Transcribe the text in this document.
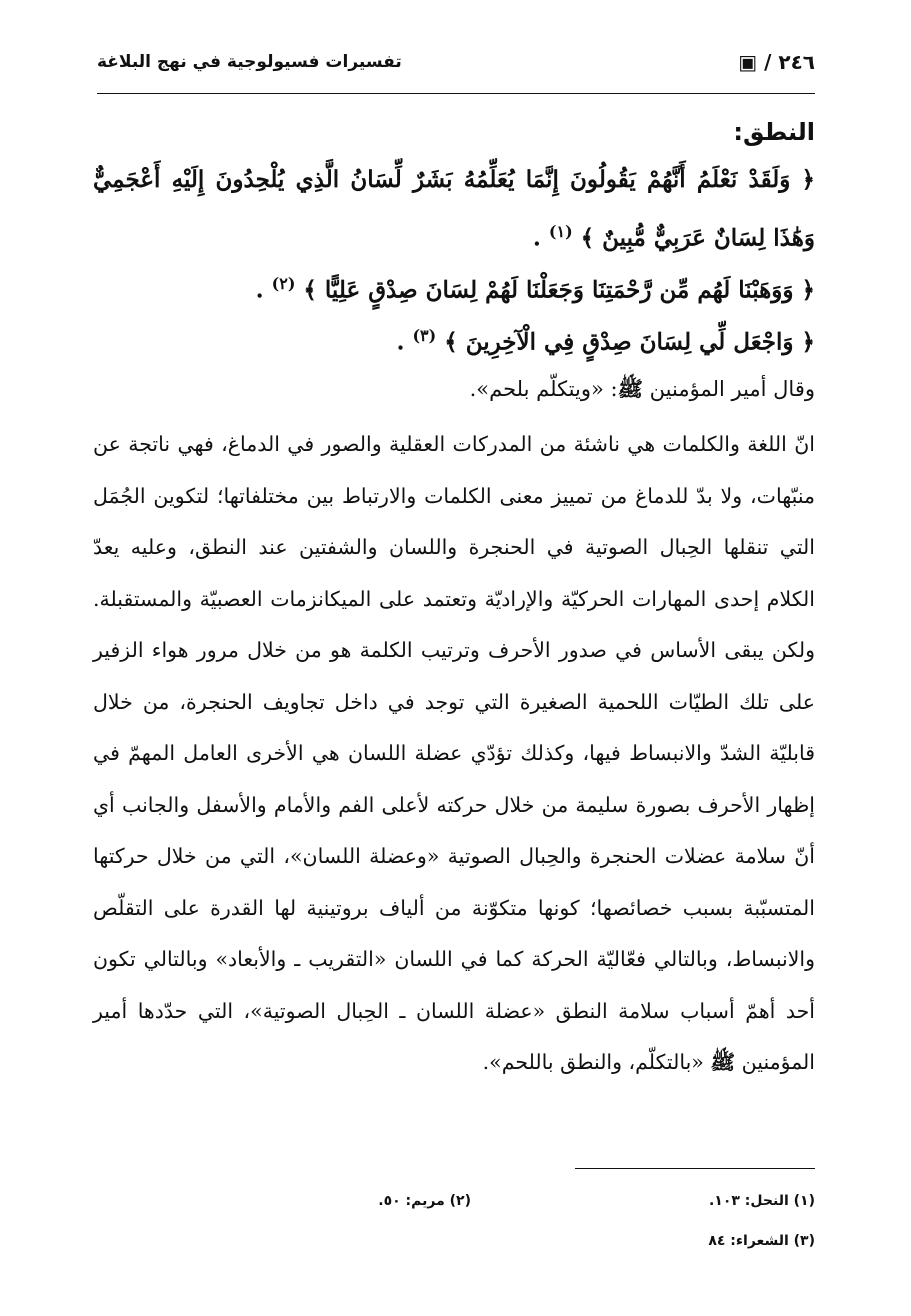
٢٤٦ / ▣
تفسيرات فسيولوجية في نهج البلاغة
النطق:
﴿ وَلَقَدْ نَعْلَمُ أَنَّهُمْ يَقُولُونَ إِنَّمَا يُعَلِّمُهُ بَشَرٌ لِّسَانُ الَّذِي يُلْحِدُونَ إِلَيْهِ أَعْجَمِيٌّ وَهَٰذَا لِسَانٌ عَرَبِيٌّ مُّبِينٌ ﴾ $^{(١)}$ .
﴿ وَوَهَبْنَا لَهُم مِّن رَّحْمَتِنَا وَجَعَلْنَا لَهُمْ لِسَانَ صِدْقٍ عَلِيًّا ﴾ $^{(٢)}$ .
﴿ وَاجْعَل لِّي لِسَانَ صِدْقٍ فِي الْآخِرِينَ ﴾ $^{(٣)}$ .
وقال أمير المؤمنين ﷺ: «ويتكلّم بلحم».
انّ اللغة والكلمات هي ناشئة من المدركات العقلية والصور في الدماغ، فهي ناتجة عن منبّهات، ولا بدّ للدماغ من تمييز معنى الكلمات والارتباط بين مختلفاتها؛ لتكوين الجُمَل التي تنقلها الحِبال الصوتية في الحنجرة واللسان والشفتين عند النطق، وعليه يعدّ الكلام إحدى المهارات الحركيّة والإراديّة وتعتمد على الميكانزمات العصبيّة والمستقبلة. ولكن يبقى الأساس في صدور الأحرف وترتيب الكلمة هو من خلال مرور هواء الزفير على تلك الطيّات اللحمية الصغيرة التي توجد في داخل تجاويف الحنجرة، من خلال قابليّة الشدّ والانبساط فيها، وكذلك تؤدّي عضلة اللسان هي الأخرى العامل المهمّ في إظهار الأحرف بصورة سليمة من خلال حركته لأعلى الفم والأمام والأسفل والجانب أي أنّ سلامة عضلات الحنجرة والحِبال الصوتية «وعضلة اللسان»، التي من خلال حركتها المتسبّبة بسبب خصائصها؛ كونها متكوّنة من ألياف بروتينية لها القدرة على التقلّص والانبساط، وبالتالي فعّاليّة الحركة كما في اللسان «التقريب ـ والأبعاد» وبالتالي تكون أحد أهمّ أسباب سلامة النطق «عضلة اللسان ـ الحِبال الصوتية»، التي حدّدها أمير المؤمنين ﷺ «بالتكلّم، والنطق باللحم».
(١) النحل: ١٠٣.
(٢) مريم: ٥٠.
(٣) الشعراء: ٨٤
